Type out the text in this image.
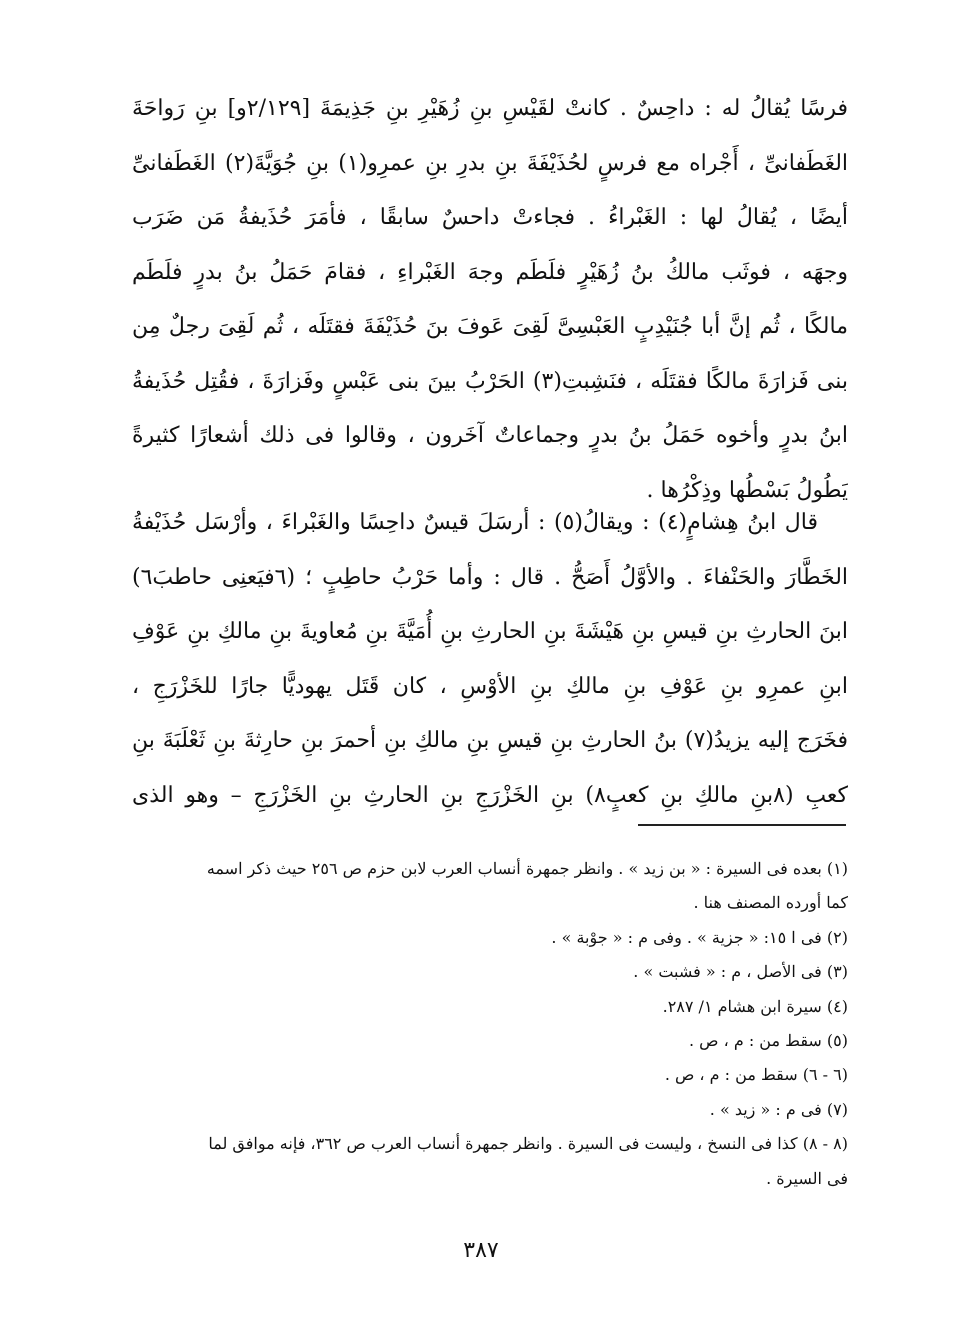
فرسًا يُقالُ له : داحِسٌ . كانتْ لقَيْسِ بنِ زُهَيْرِ بنِ جَذِيمَةَ [٢/١٢٩و] بنِ رَواحَةَ
الغَطَفانىِّ ، أَجْراه مع فرسٍ لحُذَيْفَةَ بنِ بدرِ بنِ عمرِو(١) بنِ جُوَيَّةَ(٢) الغَطَفانىِّ
أيضًا ، يُقالُ لها : الغَبْراءُ . فجاءتْ داحسٌ سابقًا ، فأمَرَ حُذَيفةُ مَن ضَرَب
وجهَه ، فوثَب مالكُ بنُ زُهَيْرٍ فلَطَم وجهَ الغَبْراءِ ، فقامَ حَمَلُ بنُ بدرٍ فلَطَم
مالكًا ، ثُم إنَّ أبا جُنَيْدِبٍ العَبْسِىَّ لَقِىَ عَوفَ بنَ حُذَيْفَةَ فقتَلَه ، ثُم لَقِىَ رجلٌ مِن
بنى فَزارَةَ مالكًا فقتَلَه ، فنَشِبتِ(٣) الحَرْبُ بينَ بنى عَبْسٍ وفَزارَةَ ، فقُتِل حُذَيفةُ
ابنُ بدرٍ وأخوه حَمَلُ بنُ بدرٍ وجماعاتٌ آخَرون ، وقالوا فى ذلك أشعارًا كثيرةً
يَطُولُ بَسْطُها وذِكْرُها .
قال ابنُ هِشامٍ(٤) : ويقالُ(٥) : أرسَلَ قيسٌ داحِسًا والغَبْراءَ ، وأرْسَل حُذَيْفةُ
الخَطَّارَ والحَنْفاءَ . والأوَّلُ أَصَحُّ . قال : وأما حَرْبُ حاطِبٍ ؛ (٦فيَعنِى حاطبَ٦)
ابنَ الحارثِ بنِ قيسِ بنِ هَيْشَةَ بنِ الحارثِ بنِ أُمَيَّةَ بنِ مُعاويةَ بنِ مالكِ بنِ عَوْفِ
ابنِ عمرِو بنِ عَوْفِ بنِ مالكِ بنِ الأوْسِ ، كان قَتَل يهوديًّا جارًا للخَزْرَجِ ،
فخَرَج إليه يزيدُ(٧) بنُ الحارثِ بنِ قيسِ بنِ مالكِ بنِ أحمرَ بنِ حارِثةَ بنِ ثَعْلَبَةَ بنِ
كعبِ (٨بنِ مالكِ بنِ كعبٍ٨) بنِ الخَزْرَجِ بنِ الحارثِ بنِ الخَزْرَجِ – وهو الذى
(١) بعده فى السيرة : « بن زيد » . وانظر جمهرة أنساب العرب لابن حزم ص ٢٥٦ حيث ذكر اسمه
كما أورده المصنف هنا .
(٢) فى ا ١٥: « جزية » . وفى م : « جوْبة » .
(٣) فى الأصل ، م : « فشبت » .
(٤) سيرة ابن هشام ١/ ٢٨٧.
(٥) سقط من : م ، ص .
(٦ - ٦) سقط من : م ، ص .
(٧) فى م : « زيد » .
(٨ - ٨) كذا فى النسخ ، وليست فى السيرة . وانظر جمهرة أنساب العرب ص ٣٦٢، فإنه موافق لما
فى السيرة .
٣٨٧
